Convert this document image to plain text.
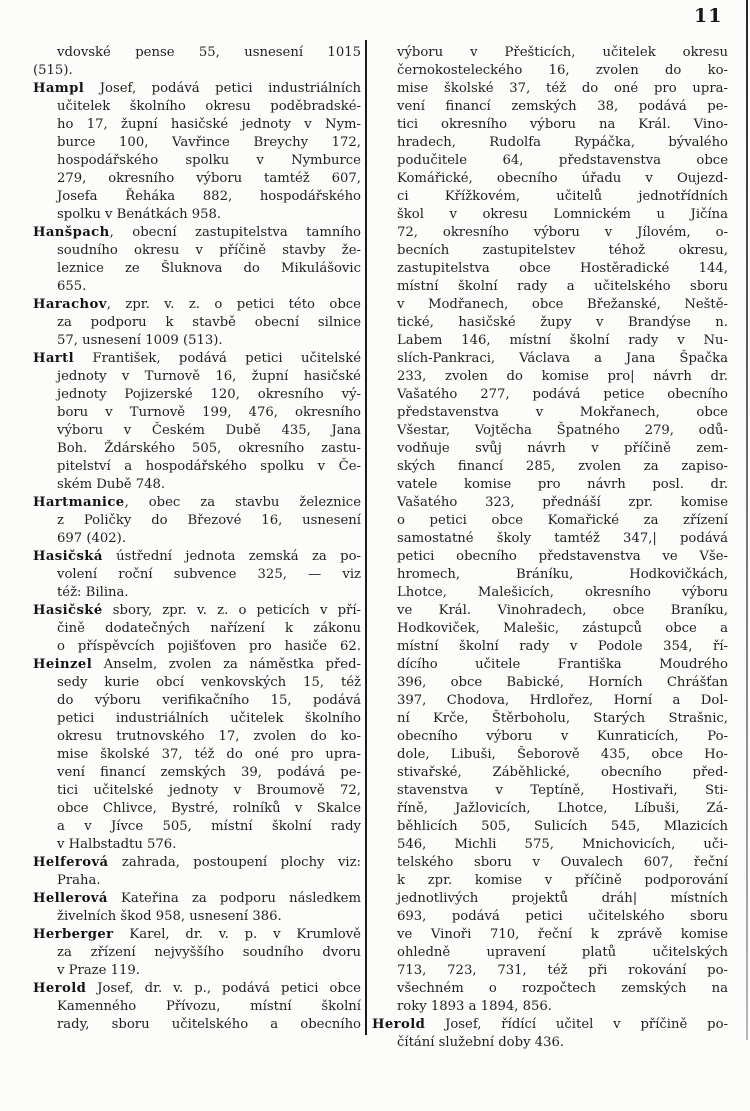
11
vdovské pense 55, usnesení 1015
(515).
Hampl Josef, podává petici industriálních
učitelek školního okresu poděbradské-
ho 17, župní hasičské jednoty v Nym-
burce 100, Vavřince Breychy 172,
hospodářského spolku v Nymburce
279, okresního výboru tamtéž 607,
Josefa Řeháka 882, hospodářského
spolku v Benátkách 958.
Hanšpach, obecní zastupitelstva tamního
soudního okresu v příčině stavby že-
leznice ze Šluknova do Mikulášovic
655.
Harachov, zpr. v. z. o petici této obce
za podporu k stavbě obecní silnice
57, usnesení 1009 (513).
Hartl František, podává petici učitelské
jednoty v Turnově 16, župní hasičské
jednoty Pojizerské 120, okresního vý-
boru v Turnově 199, 476, okresního
výboru v Českém Dubě 435, Jana
Boh. Ždárského 505, okresního zastu-
pitelství a hospodářského spolku v Če-
ském Dubě 748.
Hartmanice, obec za stavbu železnice
z Poličky do Březové 16, usnesení
697 (402).
Hasičská ústřední jednota zemská za po-
volení roční subvence 325, — viz
též: Bilina.
Hasičské sbory, zpr. v. z. o peticích v pří-
čině dodatečných nařízení k zákonu
o příspěvcích pojišťoven pro hasiče 62.
Heinzel Anselm, zvolen za náměstka před-
sedy kurie obcí venkovských 15, též
do výboru verifikačního 15, podává
petici industriálních učitelek školního
okresu trutnovského 17, zvolen do ko-
mise školské 37, též do oné pro upra-
vení financí zemských 39, podává pe-
tici učitelské jednoty v Broumově 72,
obce Chlivce, Bystré, rolníků v Skalce
a v Jívce 505, místní školní rady
v Halbstadtu 576.
Helferová zahrada, postoupení plochy viz:
Praha.
Hellerová Kateřina za podporu následkem
živelních škod 958, usnesení 386.
Herberger Karel, dr. v. p. v Krumlově
za zřízení nejvyššího soudního dvoru
v Praze 119.
Herold Josef, dr. v. p., podává petici obce
Kamenného Přívozu, místní školní
rady, sboru učitelského a obecního
výboru v Přešticích, učitelek okresu
černokosteleckého 16, zvolen do ko-
mise školské 37, též do oné pro upra-
vení financí zemských 38, podává pe-
tici okresního výboru na Král. Vino-
hradech, Rudolfa Rypáčka, bývalého
podučitele 64, představenstva obce
Komářické, obecního úřadu v Oujezd-
ci Křížkovém, učitelů jednotřídních
škol v okresu Lomnickém u Jičína
72, okresního výboru v Jílovém, o-
becních zastupitelstev téhož okresu,
zastupitelstva obce Hostěradické 144,
místní školní rady a učitelského sboru
v Modřanech, obce Břežanské, Neště-
tické, hasičské župy v Brandýse n.
Labem 146, místní školní rady v Nu-
slích-Pankraci, Václava a Jana Špačka
233, zvolen do komise pro| návrh dr.
Vašatého 277, podává petice obecního
představenstva v Mokřanech, obce
Všestar, Vojtěcha Špatného 279, odů-
vodňuje svůj návrh v příčině zem-
ských financí 285, zvolen za zapiso-
vatele komise pro návrh posl. dr.
Vašatého 323, přednáší zpr. komise
o petici obce Komařické za zřízení
samostatné školy tamtéž 347,| podává
petici obecního představenstva ve Vše-
hromech, Bráníku, Hodkovičkách,
Lhotce, Malešicích, okresního výboru
ve Král. Vinohradech, obce Braníku,
Hodkoviček, Malešic, zástupců obce a
místní školní rady v Podole 354, ří-
dícího učitele Františka Moudrého
396, obce Babické, Horních Chrášťan
397, Chodova, Hrdlořez, Horní a Dol-
ní Krče, Štěrboholu, Starých Strašnic,
obecního výboru v Kunraticích, Po-
dole, Libuši, Šeborově 435, obce Ho-
stivařské, Záběhlické, obecního před-
stavenstva v Teptíně, Hostivaři, Sti-
říně, Jažlovicích, Lhotce, Líbuši, Zá-
běhlicích 505, Sulicích 545, Mlazicích
546, Michli 575, Mnichovicích, uči-
telského sboru v Ouvalech 607, řeční
k zpr. komise v příčině podporování
jednotlivých projektů dráh| místních
693, podává petici učitelského sboru
ve Vinoři 710, řeční k zprávě komise
ohledně upravení platů učitelských
713, 723, 731, též při rokování po-
všechném o rozpočtech zemských na
roky 1893 a 1894, 856.
Herold Josef, řídící učitel v příčině po-
čítání služební doby 436.
